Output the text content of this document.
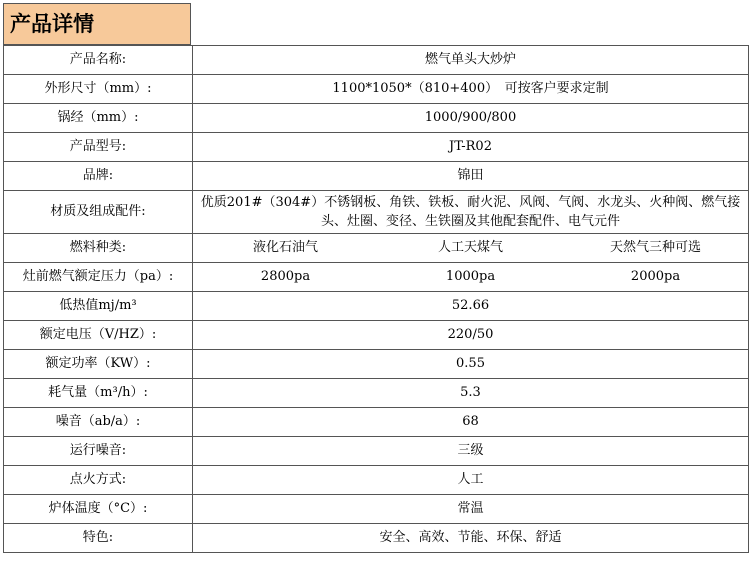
产品详情
产品名称:	燃气单头大炒炉
外形尺寸（mm）:	1100*1050*（810+400）　可按客户要求定制
锅经（mm）:	1000/900/800
产品型号:	JT-R02
品牌:	锦田
材质及组成配件:	优质201#（304#）不锈钢板、角铁、铁板、耐火泥、风阀、气阀、水龙头、火种阀、燃气接头、灶圈、变径、生铁圈及其他配套配件、电气元件
燃料种类:	液化石油气 人工天煤气 天然气三种可选

灶前燃气额定压力（pa）:	2800pa 1000pa 2000pa

低热值mj/m³	52.66
额定电压（V/HZ）:	220/50
额定功率（KW）:	0.55
耗气量（m³/h）:	5.3
噪音（ab/a）:	68
运行噪音:	三级
点火方式:	人工
炉体温度（°C）:	常温
特色:	安全、高效、节能、环保、舒适
